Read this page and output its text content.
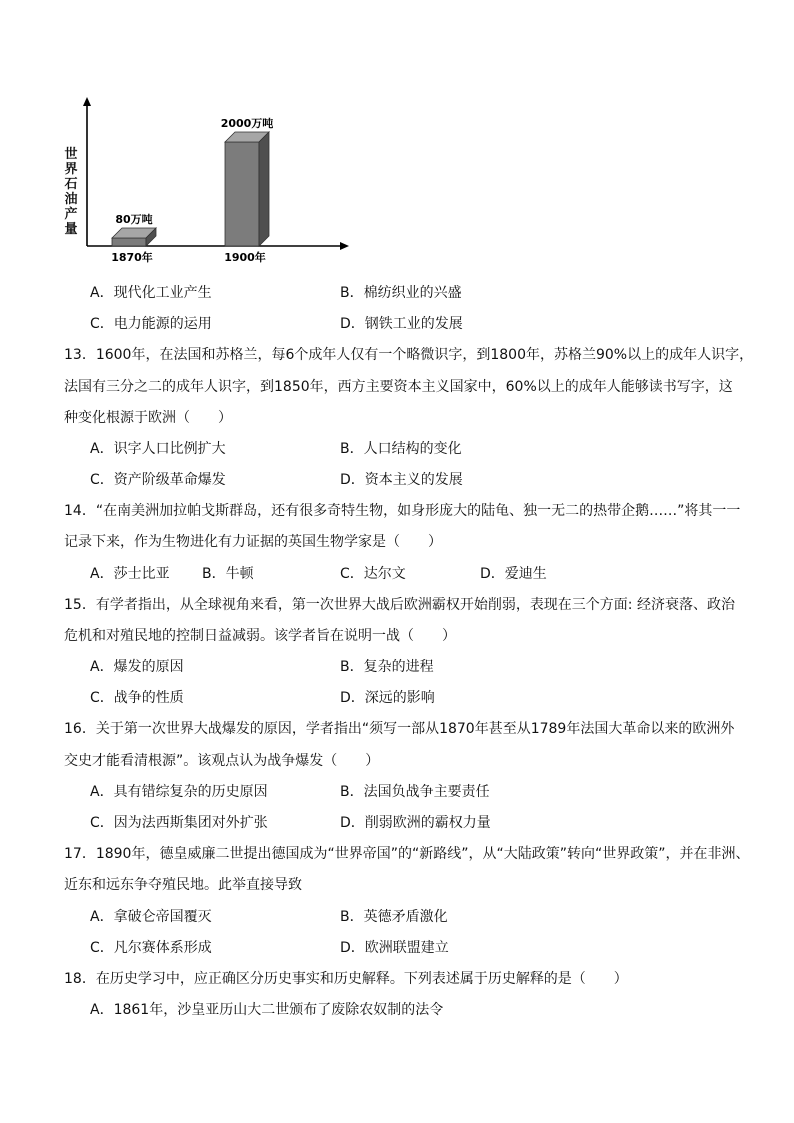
世界石油产量
80万吨
1870年
2000万吨
1900年
A．现代化工业产生	B．棉纺织业的兴盛
C．电力能源的运用	D．钢铁工业的发展
13．1600年，在法国和苏格兰，每6个成年人仅有一个略微识字，到1800年，苏格兰90%以上的成年人识字，
法国有三分之二的成年人识字，到1850年，西方主要资本主义国家中，60%以上的成年人能够读书写字，这
种变化根源于欧洲（　　）
A．识字人口比例扩大	B．人口结构的变化
C．资产阶级革命爆发	D．资本主义的发展
14．“在南美洲加拉帕戈斯群岛，还有很多奇特生物，如身形庞大的陆龟、独一无二的热带企鹅……”将其一一
记录下来，作为生物进化有力证据的英国生物学家是（　　）
A．莎士比亚 B．牛顿	C．达尔文	D．爱迪生
15．有学者指出，从全球视角来看，第一次世界大战后欧洲霸权开始削弱，表现在三个方面: 经济衰落、政治
危机和对殖民地的控制日益减弱。该学者旨在说明一战（　　）
A．爆发的原因	B．复杂的进程
C．战争的性质	D．深远的影响
16．关于第一次世界大战爆发的原因，学者指出“须写一部从1870年甚至从1789年法国大革命以来的欧洲外
交史才能看清根源”。该观点认为战争爆发（　　）
A．具有错综复杂的历史原因	B．法国负战争主要责任
C．因为法西斯集团对外扩张	D．削弱欧洲的霸权力量
17．1890年，德皇威廉二世提出德国成为“世界帝国”的“新路线”，从“大陆政策”转向“世界政策”，并在非洲、
近东和远东争夺殖民地。此举直接导致
A．拿破仑帝国覆灭	B．英德矛盾激化
C．凡尔赛体系形成	D．欧洲联盟建立
18．在历史学习中，应正确区分历史事实和历史解释。下列表述属于历史解释的是（　　）
A．1861年，沙皇亚历山大二世颁布了废除农奴制的法令
